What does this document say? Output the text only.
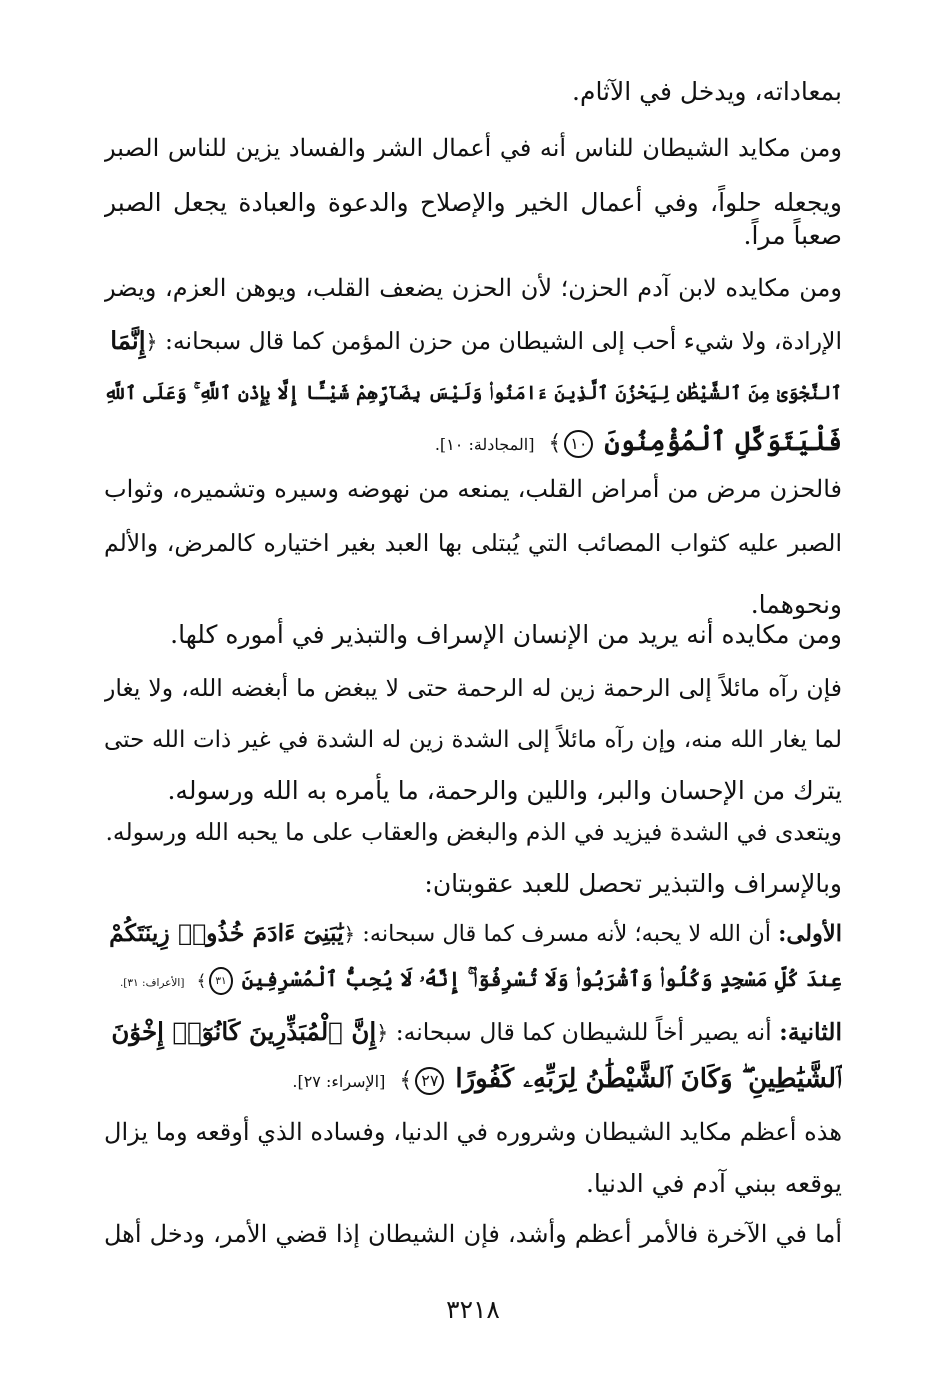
بمعاداته، ويدخل في الآثام.
ومن مكايد الشيطان للناس أنه في أعمال الشر والفساد يزين للناس الصبر
ويجعله حلواً، وفي أعمال الخير والإصلاح والدعوة والعبادة يجعل الصبر
صعباً مراً.
ومن مكايده لابن آدم الحزن؛ لأن الحزن يضعف القلب، ويوهن العزم، ويضر
الإرادة، ولا شيء أحب إلى الشيطان من حزن المؤمن كما قال سبحانه: ﴿إِنَّمَا
ٱلنَّجْوَىٰ مِنَ ٱلشَّيْطَٰنِ لِيَحْزُنَ ٱلَّذِينَ ءَامَنُوا۟ وَلَيْسَ بِضَآرِّهِمْ شَيْـًٔا إِلَّا بِإِذْنِ ٱللَّهِ ۚ وَعَلَى ٱللَّهِ
فَلْيَتَوَكَّلِ ٱلْمُؤْمِنُونَ ١٠﴾ [المجادلة: ١٠].
فالحزن مرض من أمراض القلب، يمنعه من نهوضه وسيره وتشميره، وثواب
الصبر عليه كثواب المصائب التي يُبتلى بها العبد بغير اختياره كالمرض، والألم
ونحوهما.
ومن مكايده أنه يريد من الإنسان الإسراف والتبذير في أموره كلها.
فإن رآه مائلاً إلى الرحمة زين له الرحمة حتى لا يبغض ما أبغضه الله، ولا يغار
لما يغار الله منه، وإن رآه مائلاً إلى الشدة زين له الشدة في غير ذات الله حتى
يترك من الإحسان والبر، واللين والرحمة، ما يأمره به الله ورسوله.
ويتعدى في الشدة فيزيد في الذم والبغض والعقاب على ما يحبه الله ورسوله.
وبالإسراف والتبذير تحصل للعبد عقوبتان:
الأولى: أن الله لا يحبه؛ لأنه مسرف كما قال سبحانه: ﴿يَٰبَنِىٓ ءَادَمَ خُذُوا۟ زِينَتَكُمْ
عِندَ كُلِّ مَسْجِدٍ وَكُلُوا۟ وَٱشْرَبُوا۟ وَلَا تُسْرِفُوٓا۟ ۚ إِنَّهُۥ لَا يُحِبُّ ٱلْمُسْرِفِينَ ٣١﴾ [الأعراف: ٣١].
الثانية: أنه يصير أخاً للشيطان كما قال سبحانه: ﴿إِنَّ ٱلْمُبَذِّرِينَ كَانُوٓا۟ إِخْوَٰنَ
ٱلشَّيَٰطِينِ ۖ وَكَانَ ٱلشَّيْطَٰنُ لِرَبِّهِۦ كَفُورًا ٢٧﴾ [الإسراء: ٢٧].
هذه أعظم مكايد الشيطان وشروره في الدنيا، وفساده الذي أوقعه وما يزال
يوقعه ببني آدم في الدنيا.
أما في الآخرة فالأمر أعظم وأشد، فإن الشيطان إذا قضي الأمر، ودخل أهل
٣٢١٨
